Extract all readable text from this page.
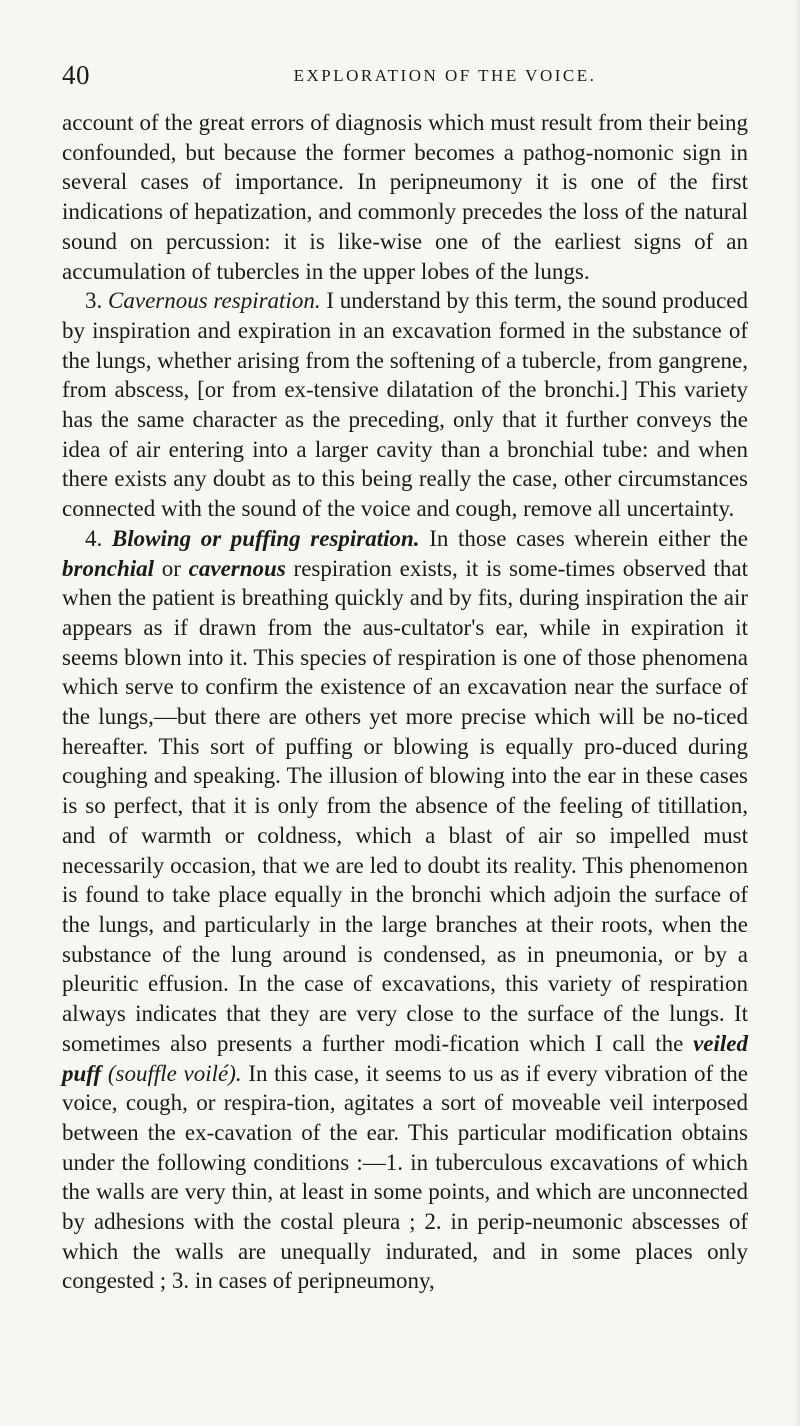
40	EXPLORATION OF THE VOICE.

account of the great errors of diagnosis which must result from their being confounded, but because the former becomes a pathog-nomonic sign in several cases of importance. In peripneumony it is one of the first indications of hepatization, and commonly precedes the loss of the natural sound on percussion: it is like-wise one of the earliest signs of an accumulation of tubercles in the upper lobes of the lungs.

3. Cavernous respiration. I understand by this term, the sound produced by inspiration and expiration in an excavation formed in the substance of the lungs, whether arising from the softening of a tubercle, from gangrene, from abscess, [or from ex-tensive dilatation of the bronchi.] This variety has the same character as the preceding, only that it further conveys the idea of air entering into a larger cavity than a bronchial tube: and when there exists any doubt as to this being really the case, other circumstances connected with the sound of the voice and cough, remove all uncertainty.

4. Blowing or puffing respiration. In those cases wherein either the bronchial or cavernous respiration exists, it is some-times observed that when the patient is breathing quickly and by fits, during inspiration the air appears as if drawn from the aus-cultator's ear, while in expiration it seems blown into it. This species of respiration is one of those phenomena which serve to confirm the existence of an excavation near the surface of the lungs,—but there are others yet more precise which will be no-ticed hereafter. This sort of puffing or blowing is equally pro-duced during coughing and speaking. The illusion of blowing into the ear in these cases is so perfect, that it is only from the absence of the feeling of titillation, and of warmth or coldness, which a blast of air so impelled must necessarily occasion, that we are led to doubt its reality. This phenomenon is found to take place equally in the bronchi which adjoin the surface of the lungs, and particularly in the large branches at their roots, when the substance of the lung around is condensed, as in pneumonia, or by a pleuritic effusion. In the case of excavations, this variety of respiration always indicates that they are very close to the surface of the lungs. It sometimes also presents a further modi-fication which I call the veiled puff (souffle voilé). In this case, it seems to us as if every vibration of the voice, cough, or respira-tion, agitates a sort of moveable veil interposed between the ex-cavation of the ear. This particular modification obtains under the following conditions :—1. in tuberculous excavations of which the walls are very thin, at least in some points, and which are unconnected by adhesions with the costal pleura ; 2. in perip-neumonic abscesses of which the walls are unequally indurated, and in some places only congested ; 3. in cases of peripneumony,
